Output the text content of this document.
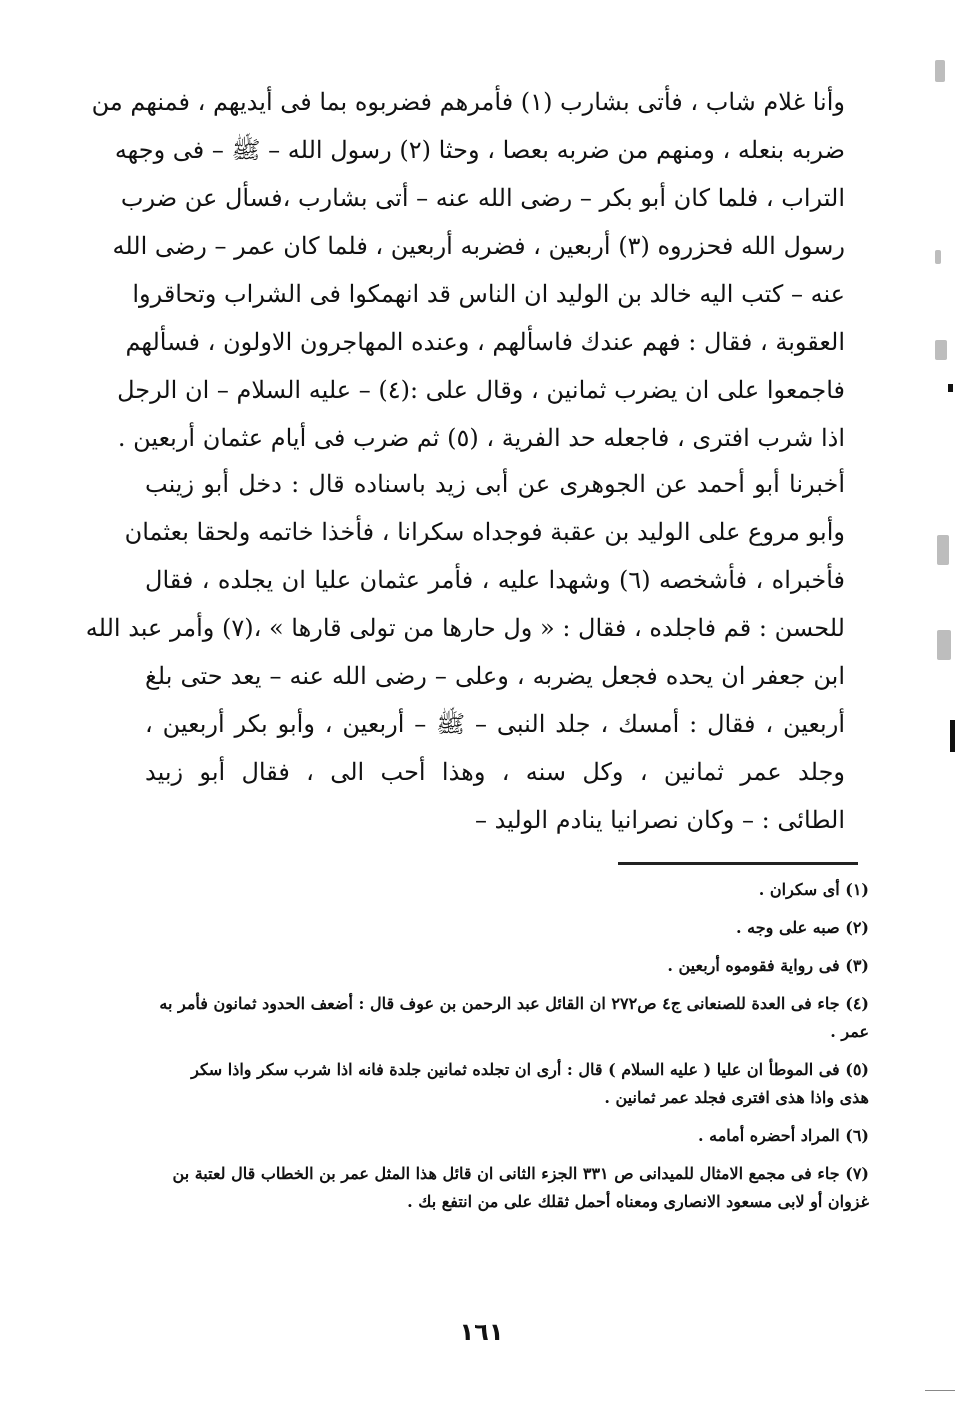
وأنا غلام شاب ، فأتى بشارب (١) فأمرهم فضربوه بما فى أيديهم ، فمنهم من
ضربه بنعله ، ومنهم من ضربه بعصا ، وحثا (٢) رسول الله – ﷺ – فى وجهه
التراب ، فلما كان أبو بكر – رضى الله عنه – أتى بشارب ،فسأل عن ضرب
رسول الله فحزروه (٣) أربعين ، فضربه أربعين ، فلما كان عمر – رضى الله
عنه – كتب اليه خالد بن الوليد ان الناس قد انهمكوا فى الشراب وتحاقروا
العقوبة ، فقال : فهم عندك فاسألهم ، وعنده المهاجرون الاولون ، فسألهم
فاجمعوا على ان يضرب ثمانين ، وقال على :(٤) – عليه السلام – ان الرجل
اذا شرب افترى ، فاجعله حد الفرية ، (٥) ثم ضرب فى أيام عثمان أربعين .
أخبرنا أبو أحمد عن الجوهرى عن أبى زيد باسناده قال : دخل أبو زينب
وأبو مروع على الوليد بن عقبة فوجداه سكرانا ، فأخذا خاتمه ولحقا بعثمان
فأخبراه ، فأشخصه (٦) وشهدا عليه ، فأمر عثمان عليا ان يجلده ، فقال
للحسن : قم فاجلده ، فقال : « ول حارها من تولى قارها » ،(٧) وأمر عبد الله
ابن جعفر ان يحده فجعل يضربه ، وعلى – رضى الله عنه – يعد حتى بلغ
أربعين ، فقال : أمسك ، جلد النبى – ﷺ – أربعين ، وأبو بكر أربعين ،
وجلد عمر ثمانين ، وكل سنه ، وهذا أحب الى ، فقال أبو زبيد
الطائى : – وكان نصرانيا ينادم الوليد –

(١) أى سكران .

(٢) صبه على وجه .

(٣) فى رواية فقوموه أربعين .

(٤) جاء فى العدة للصنعانى ج٤ ص٢٧٢ ان القائل عبد الرحمن بن عوف قال : أضعف الحدود ثمانون فأمر به عمر .

(٥) فى الموطأ ان عليا ( عليه السلام ) قال : أرى ان تجلده ثمانين جلدة فانه اذا شرب سكر واذا سكر هذى واذا هذى افترى فجلد عمر ثمانين .

(٦) المراد أحضره أمامه .

(٧) جاء فى مجمع الامثال للميدانى ص ٣٣١ الجزء الثانى ان قائل هذا المثل عمر بن الخطاب قال لعتبة بن غزوان أو لابى مسعود الانصارى ومعناه أحمل ثقلك على من انتفع بك .

١٦١
